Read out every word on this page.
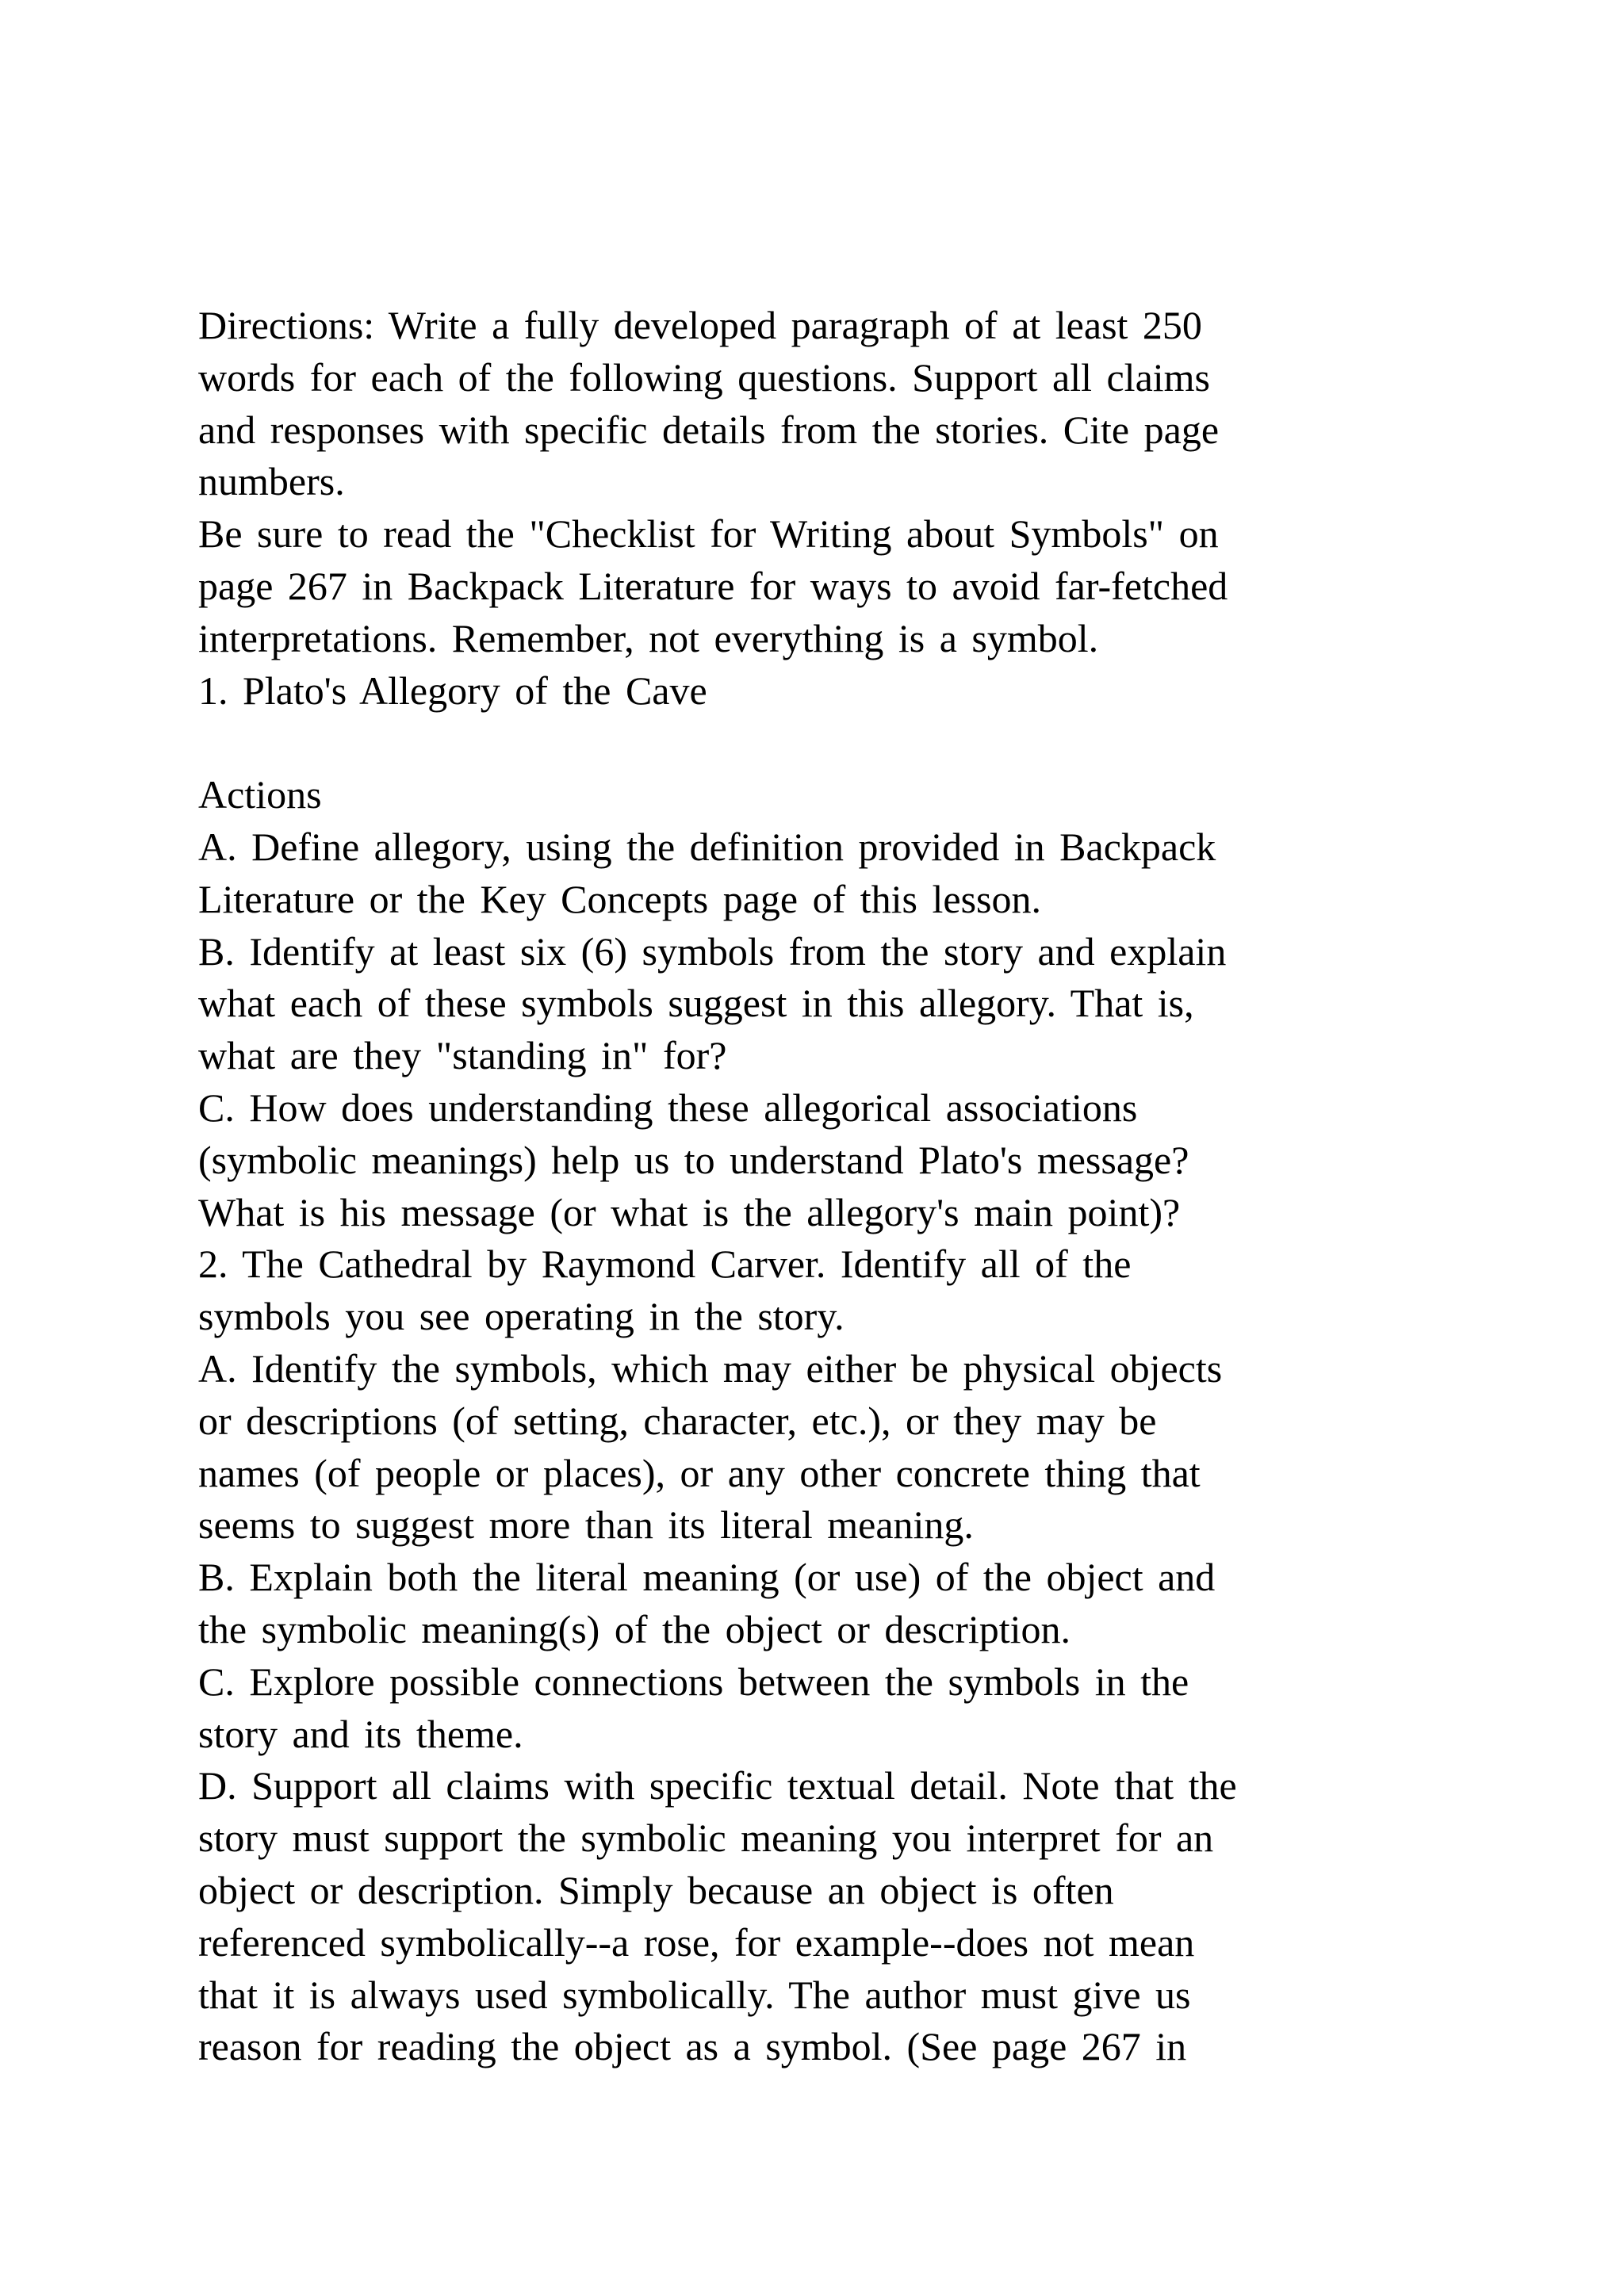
Directions: Write a fully developed paragraph of at least 250
words for each of the following questions. Support all claims
and responses with specific details from the stories. Cite page
numbers.
Be sure to read the "Checklist for Writing about Symbols" on
page 267 in Backpack Literature for ways to avoid far-fetched
interpretations. Remember, not everything is a symbol.
1. Plato's Allegory of the Cave
Actions
A. Define allegory, using the definition provided in Backpack
Literature or the Key Concepts page of this lesson.
B. Identify at least six (6) symbols from the story and explain
what each of these symbols suggest in this allegory. That is,
what are they "standing in" for?
C. How does understanding these allegorical associations
(symbolic meanings) help us to understand Plato's message?
What is his message (or what is the allegory's main point)?
2. The Cathedral by Raymond Carver. Identify all of the
symbols you see operating in the story.
A. Identify the symbols, which may either be physical objects
or descriptions (of setting, character, etc.), or they may be
names (of people or places), or any other concrete thing that
seems to suggest more than its literal meaning.
B. Explain both the literal meaning (or use) of the object and
the symbolic meaning(s) of the object or description.
C. Explore possible connections between the symbols in the
story and its theme.
D. Support all claims with specific textual detail. Note that the
story must support the symbolic meaning you interpret for an
object or description. Simply because an object is often
referenced symbolically--a rose, for example--does not mean
that it is always used symbolically. The author must give us
reason for reading the object as a symbol. (See page 267 in
